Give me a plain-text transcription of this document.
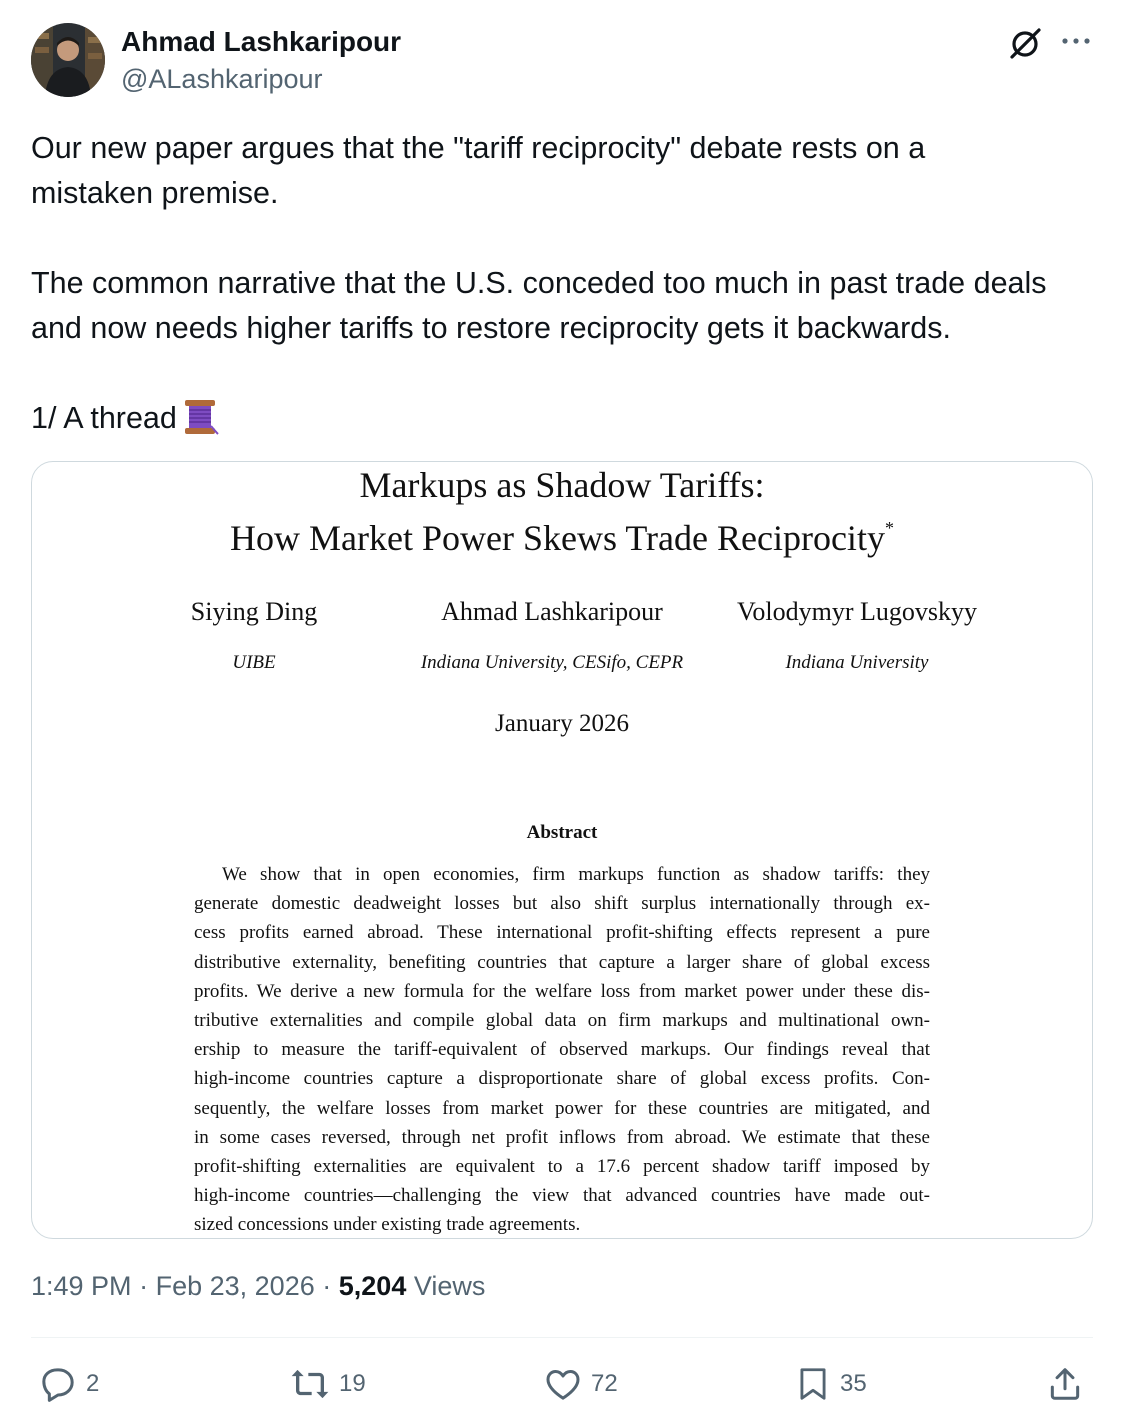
Ahmad Lashkaripour
@ALashkaripour

Our new paper argues that the "tariff reciprocity" debate rests on a

mistaken premise.

The common narrative that the U.S. conceded too much in past trade deals

and now needs higher tariffs to restore reciprocity gets it backwards.

1/ A thread

Markups as Shadow Tariffs:
How Market Power Skews Trade Reciprocity*
Siying Ding	Ahmad Lashkaripour	Volodymyr Lugovskyy
UIBE	Indiana University, CESifo, CEPR	Indiana University
January 2026
Abstract
We show that in open economies, firm markups function as shadow tariffs: they
generate domestic deadweight losses but also shift surplus internationally through ex-
cess profits earned abroad. These international profit-shifting effects represent a pure
distributive externality, benefiting countries that capture a larger share of global excess
profits. We derive a new formula for the welfare loss from market power under these dis-
tributive externalities and compile global data on firm markups and multinational own-
ership to measure the tariff-equivalent of observed markups. Our findings reveal that
high-income countries capture a disproportionate share of global excess profits. Con-
sequently, the welfare losses from market power for these countries are mitigated, and
in some cases reversed, through net profit inflows from abroad. We estimate that these
profit-shifting externalities are equivalent to a 17.6 percent shadow tariff imposed by
high-income countries—challenging the view that advanced countries have made out-
sized concessions under existing trade agreements.
1:49 PM · Feb 23, 2026 · 5,204 Views
2	19	72	35
